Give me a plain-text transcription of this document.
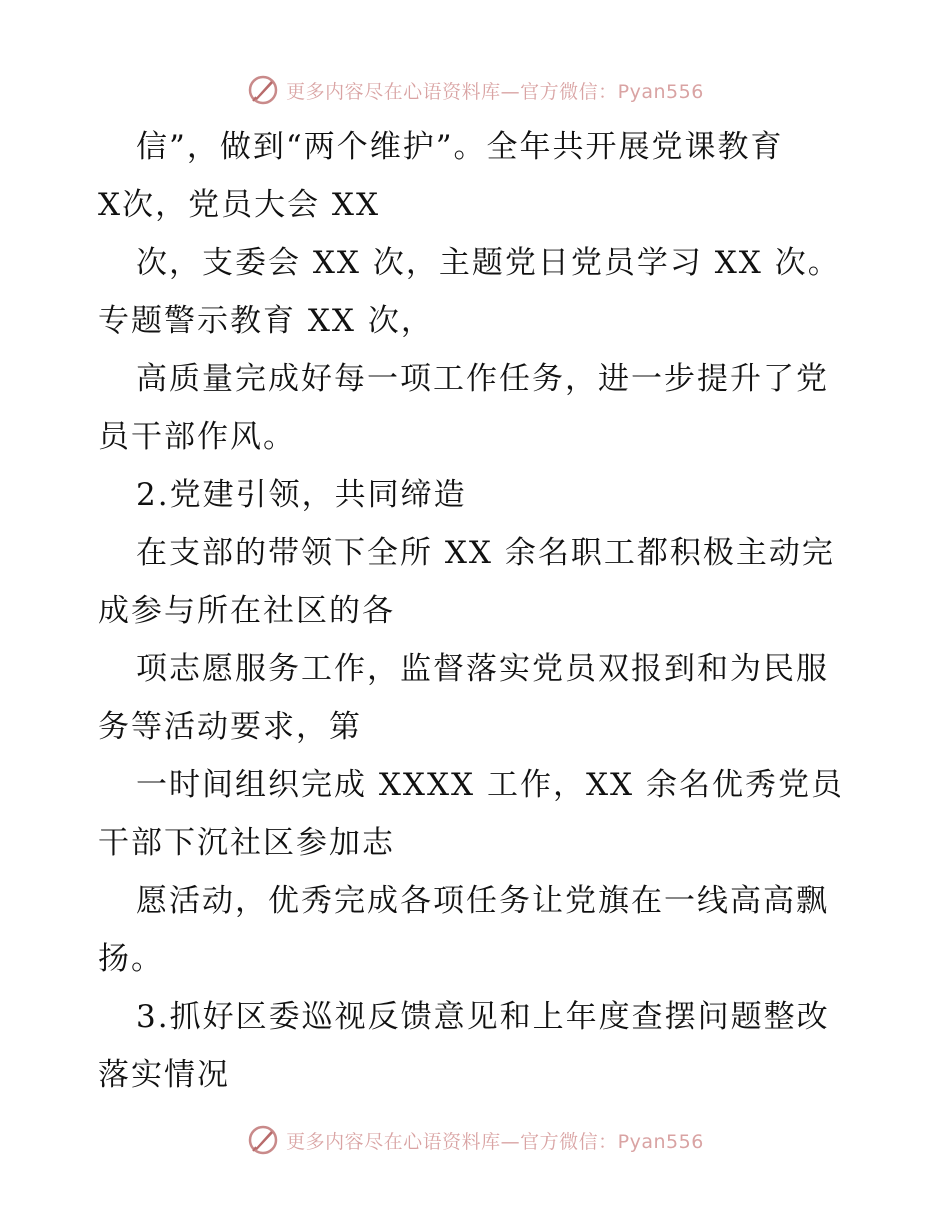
更多内容尽在心语资料库—官方微信：Pyan556
信”，做到“两个维护”。全年共开展党课教育
X次，党员大会 XX
次，支委会 XX 次，主题党日党员学习 XX 次。
专题警示教育 XX 次，
高质量完成好每一项工作任务，进一步提升了党
员干部作风。
2.党建引领，共同缔造
在支部的带领下全所 XX 余名职工都积极主动完
成参与所在社区的各
项志愿服务工作，监督落实党员双报到和为民服
务等活动要求，第
一时间组织完成 XXXX 工作，XX 余名优秀党员
干部下沉社区参加志
愿活动，优秀完成各项任务让党旗在一线高高飘
扬。
3.抓好区委巡视反馈意见和上年度查摆问题整改
落实情况
更多内容尽在心语资料库—官方微信：Pyan556
